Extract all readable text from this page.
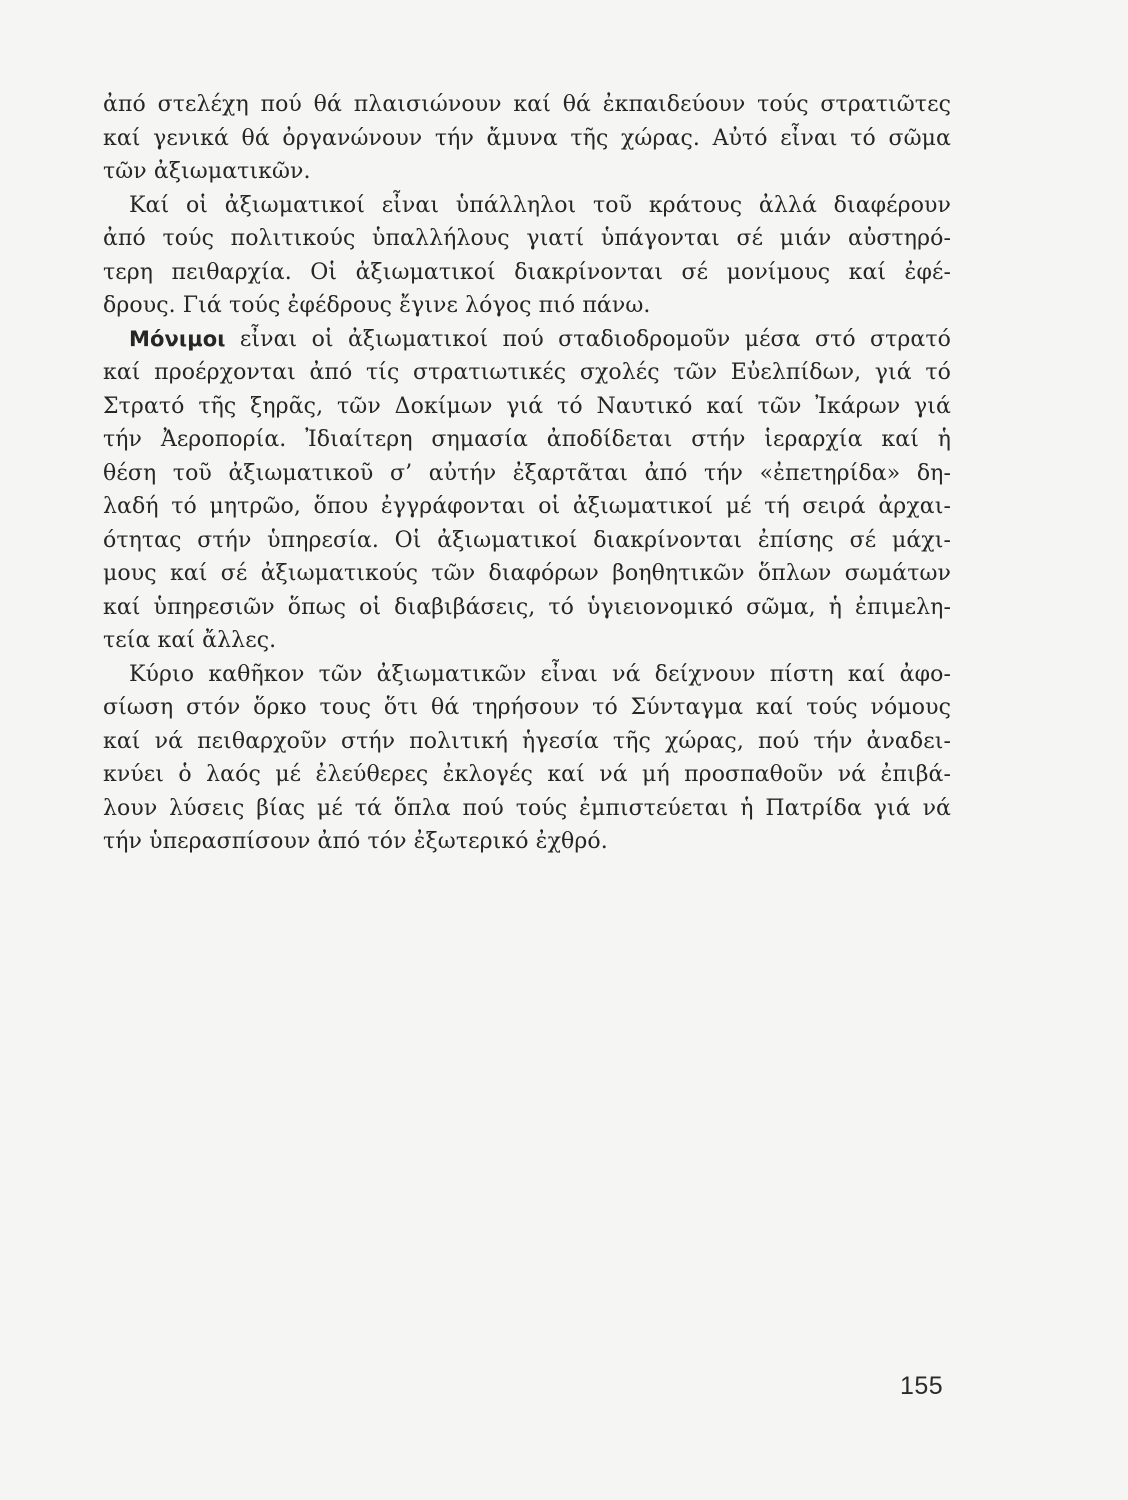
ἀπό στελέχη πού θά πλαισιώνουν καί θά ἐκπαιδεύουν τούς στρατιῶτες
καί γενικά θά ὀργανώνουν τήν ἄμυνα τῆς χώρας. Αὐτό εἶναι τό σῶμα
τῶν ἀξιωματικῶν.
Καί οἱ ἀξιωματικοί εἶναι ὑπάλληλοι τοῦ κράτους ἀλλά διαφέρουν
ἀπό τούς πολιτικούς ὑπαλλήλους γιατί ὑπάγονται σέ μιάν αὐστηρό-
τερη πειθαρχία. Οἱ ἀξιωματικοί διακρίνονται σέ μονίμους καί ἐφέ-
δρους. Γιά τούς ἐφέδρους ἔγινε λόγος πιό πάνω.
Μόνιμοι εἶναι οἱ ἀξιωματικοί πού σταδιοδρομοῦν μέσα στό στρατό
καί προέρχονται ἀπό τίς στρατιωτικές σχολές τῶν Εὐελπίδων, γιά τό
Στρατό τῆς ξηρᾶς, τῶν Δοκίμων γιά τό Ναυτικό καί τῶν Ἰκάρων γιά
τήν Ἀεροπορία. Ἰδιαίτερη σημασία ἀποδίδεται στήν ἱεραρχία καί ἡ
θέση τοῦ ἀξιωματικοῦ σ’ αὐτήν ἐξαρτᾶται ἀπό τήν «ἐπετηρίδα» δη-
λαδή τό μητρῶο, ὅπου ἐγγράφονται οἱ ἀξιωματικοί μέ τή σειρά ἀρχαι-
ότητας στήν ὑπηρεσία. Οἱ ἀξιωματικοί διακρίνονται ἐπίσης σέ μάχι-
μους καί σέ ἀξιωματικούς τῶν διαφόρων βοηθητικῶν ὅπλων σωμάτων
καί ὑπηρεσιῶν ὅπως οἱ διαβιβάσεις, τό ὑγιειονομικό σῶμα, ἡ ἐπιμελη-
τεία καί ἄλλες.
Κύριο καθῆκον τῶν ἀξιωματικῶν εἶναι νά δείχνουν πίστη καί ἀφο-
σίωση στόν ὅρκο τους ὅτι θά τηρήσουν τό Σύνταγμα καί τούς νόμους
καί νά πειθαρχοῦν στήν πολιτική ἡγεσία τῆς χώρας, πού τήν ἀναδει-
κνύει ὁ λαός μέ ἐλεύθερες ἐκλογές καί νά μή προσπαθοῦν νά ἐπιβά-
λουν λύσεις βίας μέ τά ὅπλα πού τούς ἐμπιστεύεται ἡ Πατρίδα γιά νά
τήν ὑπερασπίσουν ἀπό τόν ἐξωτερικό ἐχθρό.
155
